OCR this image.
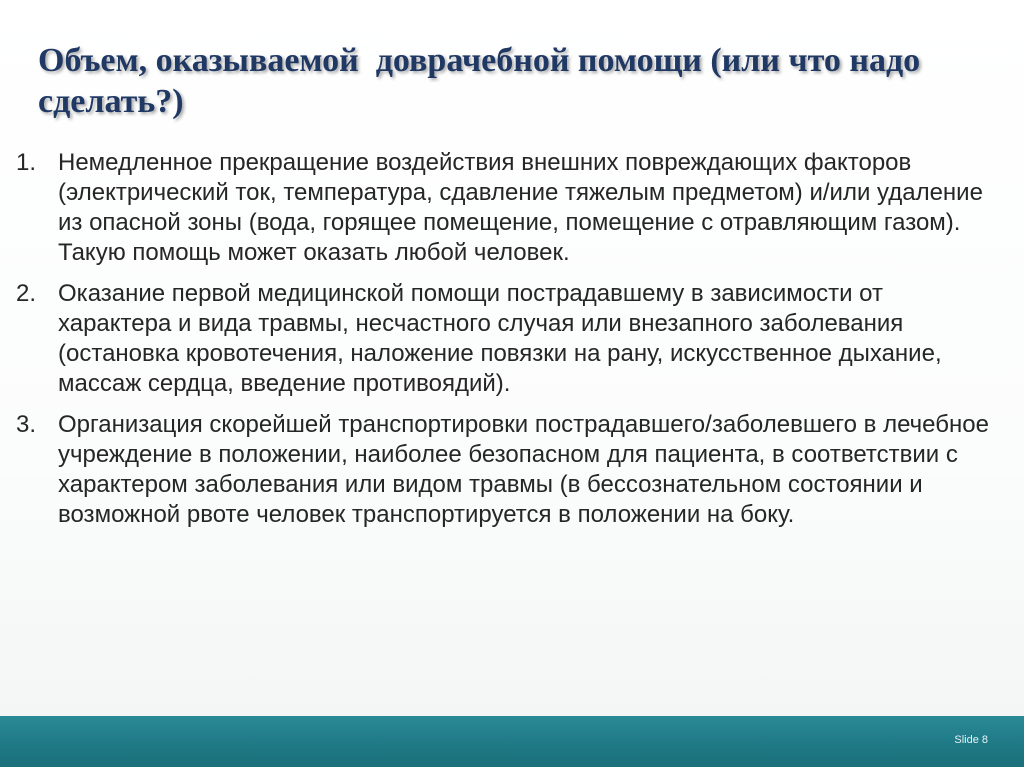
Объем, оказываемой  доврачебной помощи (или что надо сделать?)
1. Немедленное прекращение воздействия внешних повреждающих факторов (электрический ток, температура, сдавление тяжелым предметом) и/или удаление из опасной зоны (вода, горящее помещение, помещение с отравляющим газом). Такую помощь может оказать любой человек.

2. Оказание первой медицинской помощи пострадавшему в зависимости от характера и вида травмы, несчастного случая или внезапного заболевания (остановка кровотечения, наложение повязки на рану, искусственное дыхание, массаж сердца, введение противоядий).

3. Организация скорейшей транспортировки пострадавшего/заболевшего в лечебное учреждение в положении, наиболее безопасном для пациента, в соответствии с характером заболевания или видом травмы (в бессознательном состоянии и возможной рвоте человек транспортируется в положении на боку.

Slide 8
